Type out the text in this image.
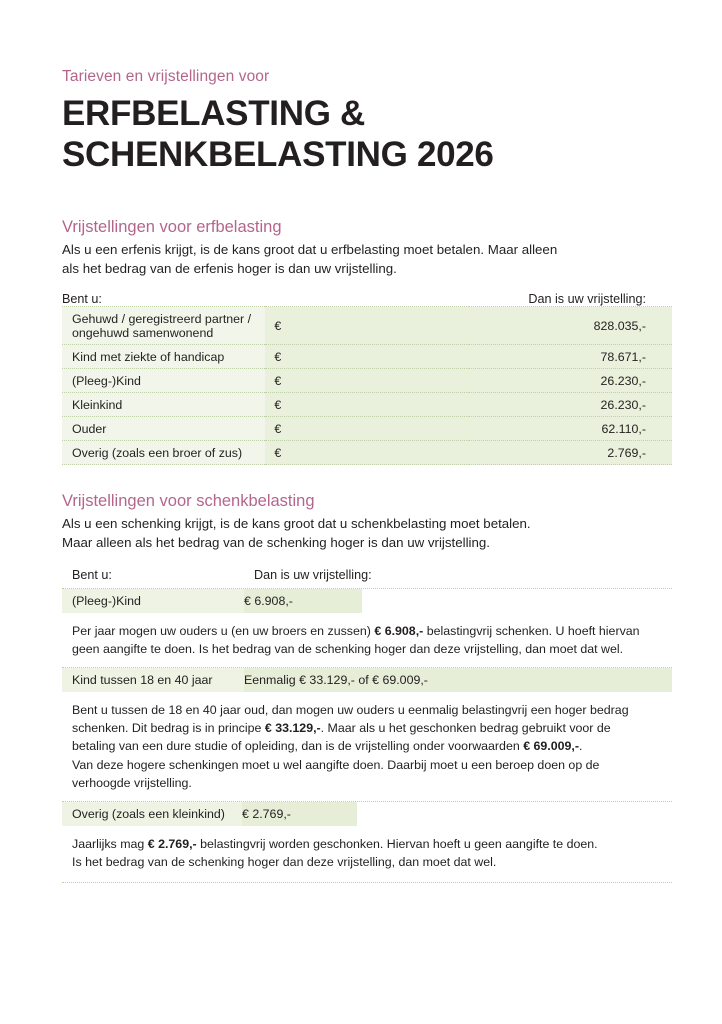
Tarieven en vrijstellingen voor

ERFBELASTING &
SCHENKBELASTING 2026
Vrijstellingen voor erfbelasting

Als u een erfenis krijgt, is de kans groot dat u erfbelasting moet betalen. Maar alleen
als het bedrag van de erfenis hoger is dan uw vrijstelling.

Bent u:	Dan is uw vrijstelling:	
Gehuwd / geregistreerd partner / ongehuwd samenwonend	€	828.035,-
Kind met ziekte of handicap	€	78.671,-
(Pleeg-)Kind	€	26.230,-
Kleinkind	€	26.230,-
Ouder	€	62.110,-
Overig (zoals een broer of zus)	€	2.769,-
Vrijstellingen voor schenkbelasting

Als u een schenking krijgt, is de kans groot dat u schenkbelasting moet betalen.
Maar alleen als het bedrag van de schenking hoger is dan uw vrijstelling.

Bent u:	Dan is uw vrijstelling:
(Pleeg-)Kind	€ 6.908,-
Per jaar mogen uw ouders u (en uw broers en zussen) € 6.908,- belastingvrij schenken. U hoeft hiervan
geen aangifte te doen. Is het bedrag van de schenking hoger dan deze vrijstelling, dan moet dat wel.
Kind tussen 18 en 40 jaar	Eenmalig € 33.129,- of € 69.009,-
Bent u tussen de 18 en 40 jaar oud, dan mogen uw ouders u eenmalig belastingvrij een hoger bedrag
schenken. Dit bedrag is in principe € 33.129,-. Maar als u het geschonken bedrag gebruikt voor de
betaling van een dure studie of opleiding, dan is de vrijstelling onder voorwaarden € 69.009,-.
Van deze hogere schenkingen moet u wel aangifte doen. Daarbij moet u een beroep doen op de
verhoogde vrijstelling.
Overig (zoals een kleinkind)	€ 2.769,-
Jaarlijks mag € 2.769,- belastingvrij worden geschonken. Hiervan hoeft u geen aangifte te doen.
Is het bedrag van de schenking hoger dan deze vrijstelling, dan moet dat wel.
